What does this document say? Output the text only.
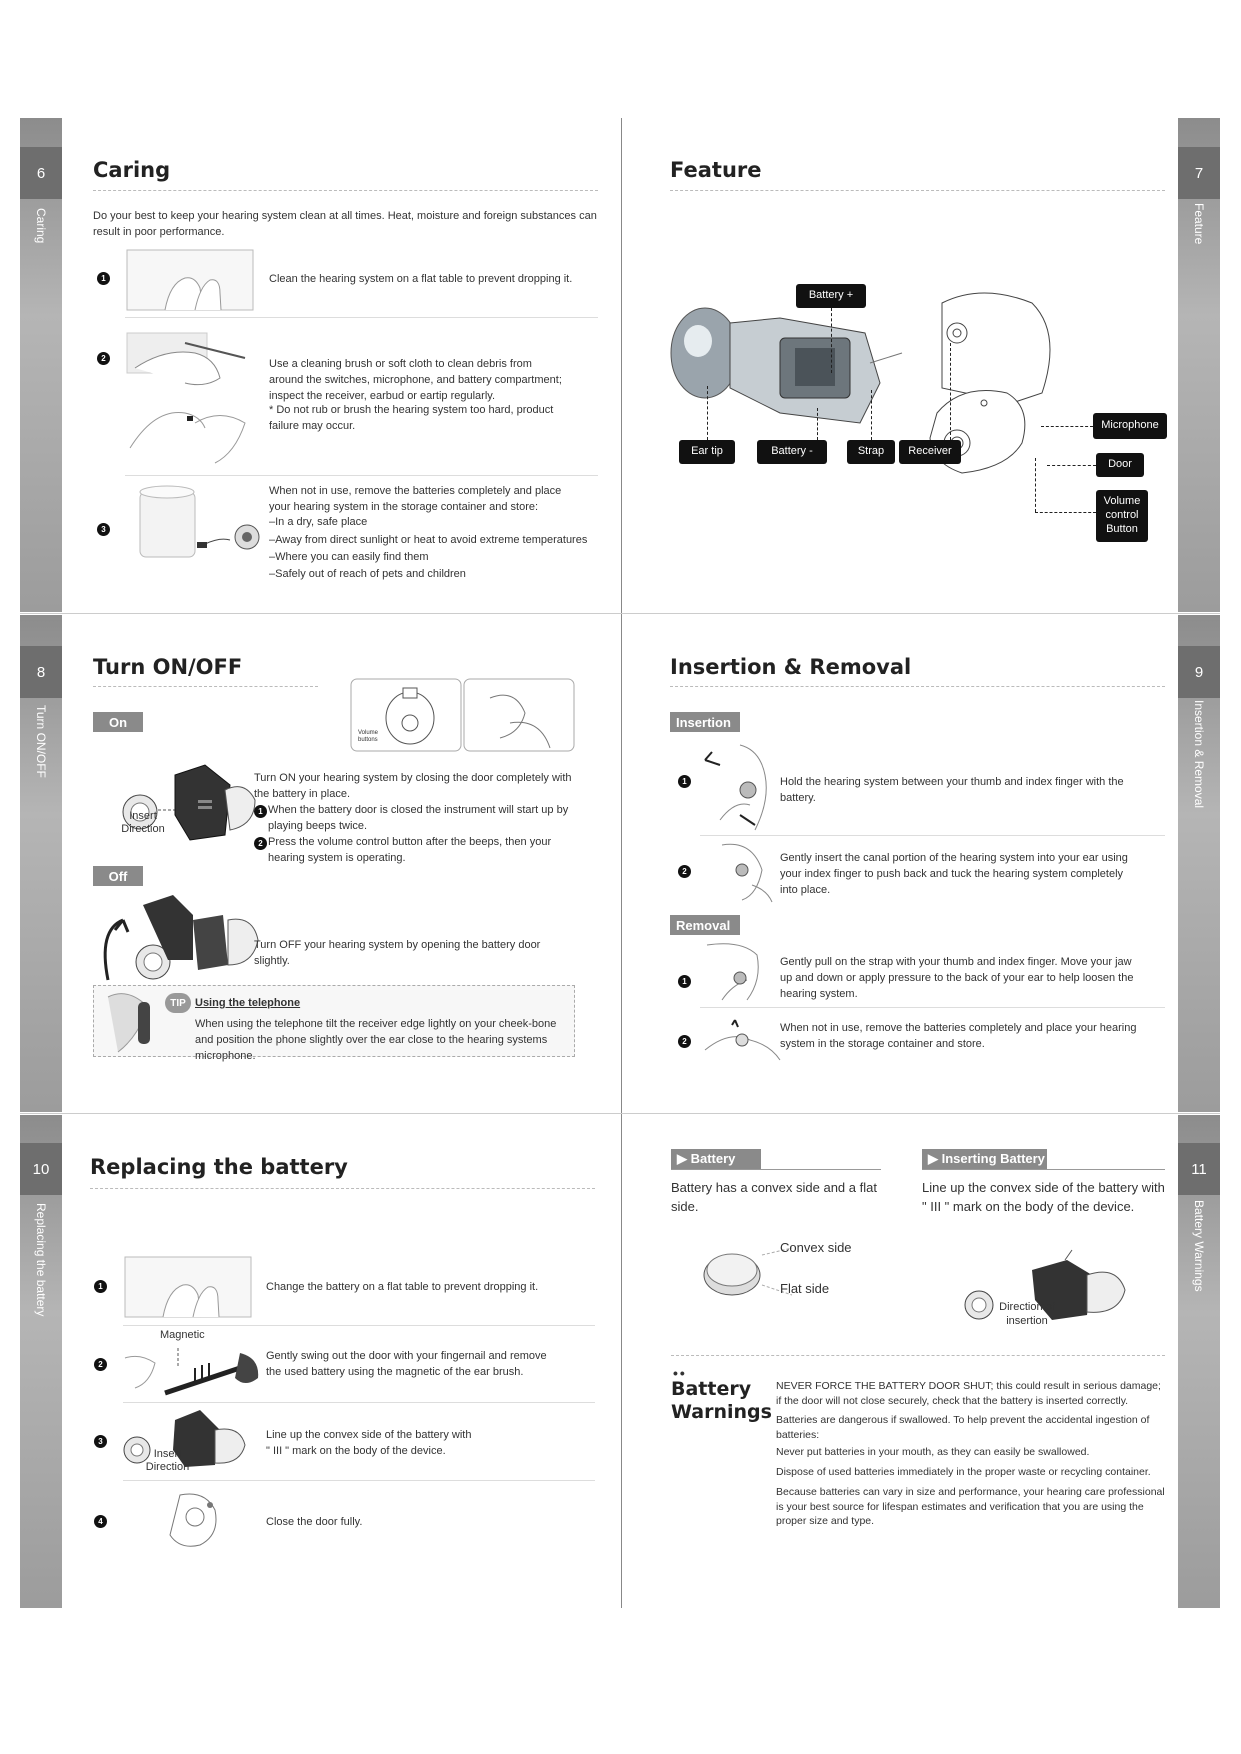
6
Caring
Caring
Do your best to keep your hearing system clean at all times. Heat, moisture and foreign substances can result in poor performance.
1	Clean the hearing system on a flat table to prevent dropping it.
2	Use a cleaning brush or soft cloth to clean debris from around the switches, microphone, and battery compartment; inspect the receiver, earbud or eartip regularly.
* Do not rub or brush the hearing system too hard, product failure may occur.
3
When not in use, remove the batteries completely and place your hearing system in the storage container and store:
–In a dry, safe place
–Away from direct sunlight or heat to avoid extreme temperatures
–Where you can easily find them
–Safely out of reach of pets and children
7
Feature
Feature
Battery +
Ear tip	Battery -	Strap	Receiver
Microphone
Door
Volume control Button
8
Turn ON/OFF
Turn ON/OFF
Volume buttons
On
Insert Direction
Turn ON your hearing system by closing the door completely with the battery in place.
1 When the battery door is closed the instrument will start up by playing beeps twice.
2 Press the volume control button after the beeps, then your hearing system is operating.
Off
Turn OFF your hearing system by opening the battery door slightly.
TIP Using the telephone
When using the telephone tilt the receiver edge lightly on your cheek-bone and position the phone slightly over the ear close to the hearing systems microphone.
9
Insertion & Removal
Insertion & Removal
Insertion
1	Hold the hearing system between your thumb and index finger with the battery.
2
Gently insert the canal portion of the hearing system into your ear using your index finger to push back and tuck the hearing system completely into place.
Removal
1
Gently pull on the strap with your thumb and index finger. Move your jaw up and down or apply pressure to the back of your ear to help loosen the hearing system.
2
When not in use, remove the batteries completely and place your hearing system in the storage container and store.
10
Replacing the battery
Replacing the battery
1	Change the battery on a flat table to prevent dropping it.
Magnetic
2
Gently swing out the door with your fingernail and remove the used battery using the magnetic of the ear brush.
3
Insert Direction
Line up the convex side of the battery with " III " mark on the body of the device.
4	Close the door fully.
11
Battery Warnings
▶ Battery
Battery has a convex side and a flat side.
▶ Inserting Battery
Line up the convex side of the battery with " III " mark on the body of the device.
Convex side
Flat side
Direction of insertion
••
Battery Warnings
NEVER FORCE THE BATTERY DOOR SHUT; this could result in serious damage; if the door will not close securely, check that the battery is inserted correctly.
Batteries are dangerous if swallowed. To help prevent the accidental ingestion of batteries:
Never put batteries in your mouth, as they can easily be swallowed.
Dispose of used batteries immediately in the proper waste or recycling container.
Because batteries can vary in size and performance, your hearing care professional is your best source for lifespan estimates and verification that you are using the proper size and type.
